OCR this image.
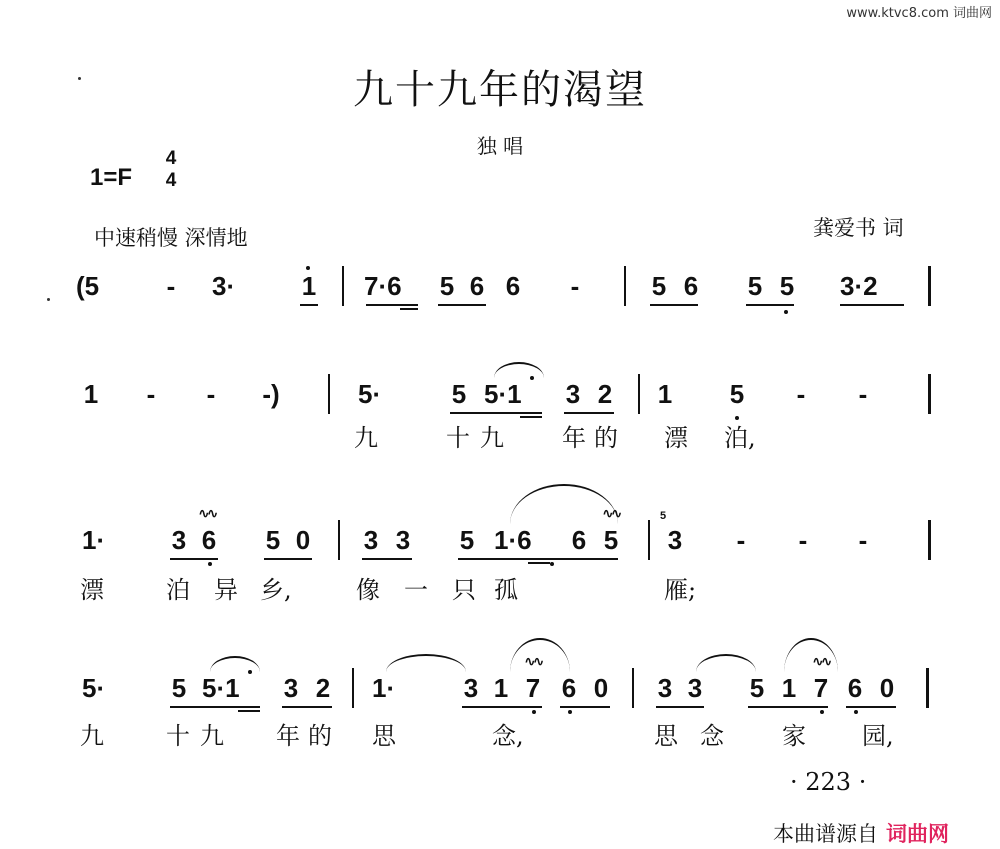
www.ktvc8.com 词曲网
九十九年的渴望
独 唱
1=F
4
4
中速稍慢 深情地	龚爱书 词
(5	- 3·	1 7·6 5 6 6 -	5 6 5 5 3·2
1 - - -)	5·	5 5·1 3 2 1 5 - -
九	十九 年的 漂 泊,
1·	3 6
∿∿
5 0 3 3 5 1·6 6 5
∿∿	5
3 - - -
漂	泊 异 乡,	像 一 只 孤	雁;
5·	5 5·1 3 2 1·	3 1 7
∿∿
6 0 3 3 5 1 7
∿∿
6 0
九	十九 年的 思	念,	思 念 家 园,
· 223 ·
本曲谱源自 词曲网
